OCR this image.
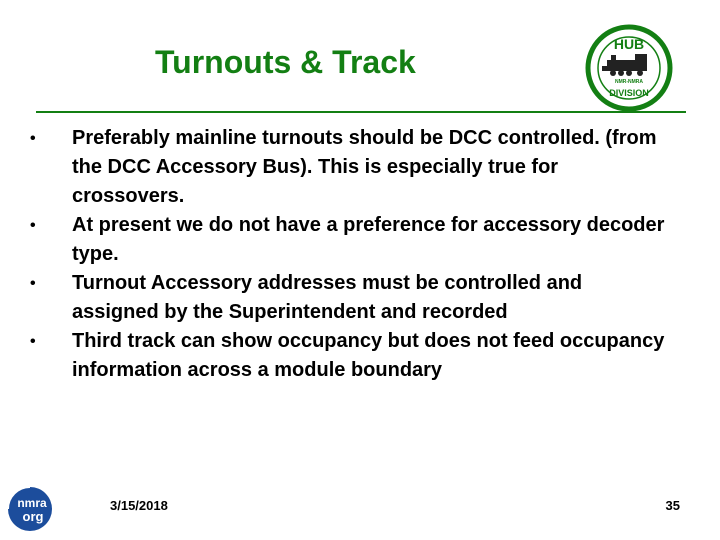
Turnouts & Track	HUB
NMR-NMRA
DIVISION
• Preferably mainline turnouts should be DCC controlled. (from the DCC Accessory Bus). This is especially true for crossovers.
• At present we do not have a preference for accessory decoder type.
• Turnout Accessory addresses must be controlled and assigned by the Superintendent and recorded
• Third track can show occupancy but does not feed occupancy information across a module boundary
nmra
org
3/15/2018	35
